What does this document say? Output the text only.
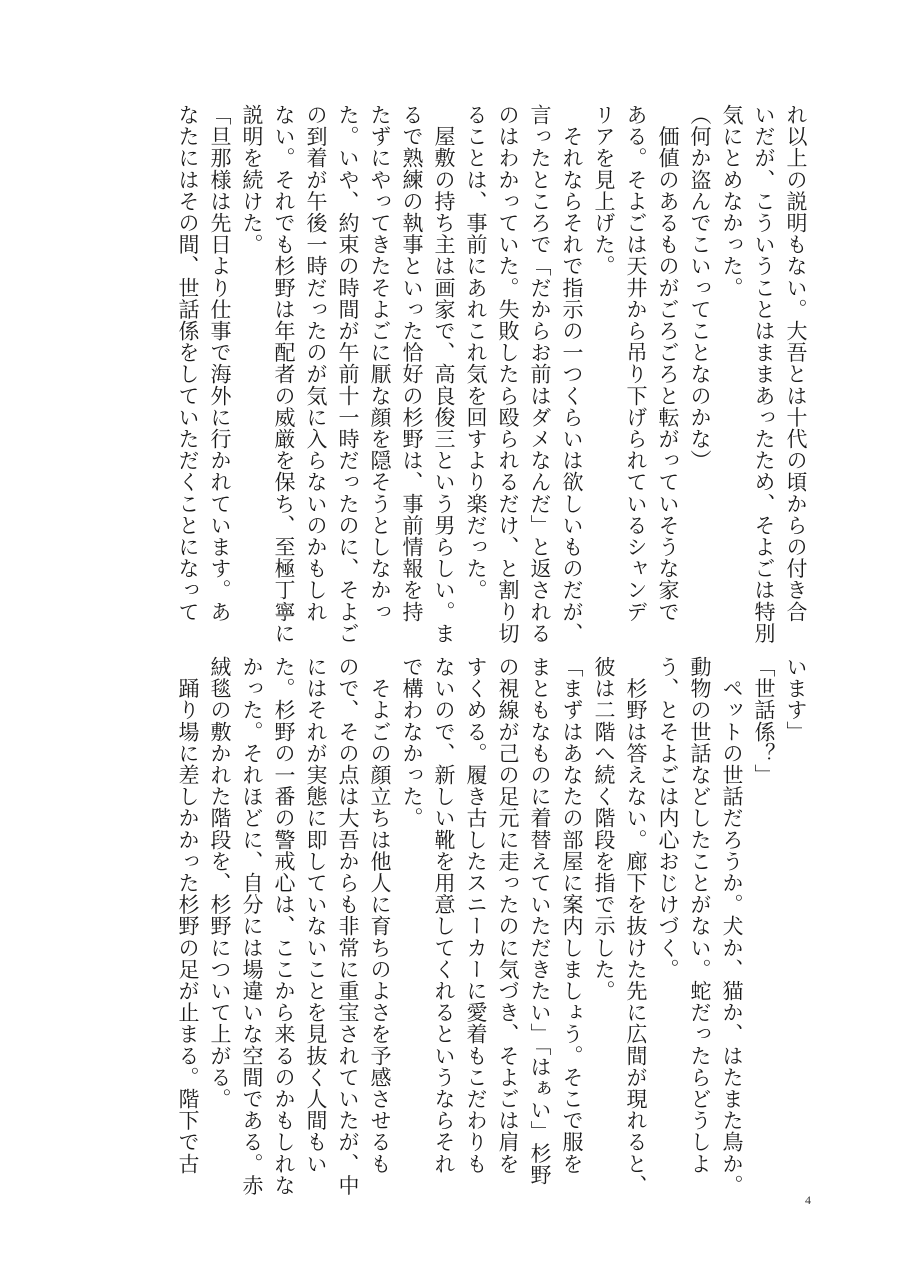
れ以上の説明もない。大吾とは十代の頃からの付き合
いだが、こういうことはままあったため、そよごは特別
気にとめなかった。
（何か盗んでこいってことなのかな）
　価値のあるものがごろごろと転がっていそうな家で
ある。そよごは天井から吊り下げられているシャンデ
リアを見上げた。
　それならそれで指示の一つくらいは欲しいものだが、
言ったところで「だからお前はダメなんだ」と返される
のはわかっていた。失敗したら殴られるだけ、と割り切
ることは、事前にあれこれ気を回すより楽だった。
　屋敷の持ち主は画家で、高良俊三という男らしい。ま
るで熟練の執事といった恰好の杉野は、事前情報を持
たずにやってきたそよごに厭な顔を隠そうとしなかっ
た。いや、約束の時間が午前十一時だったのに、そよご
の到着が午後一時だったのが気に入らないのかもしれ
ない。それでも杉野は年配者の威厳を保ち、至極丁寧に
説明を続けた。
「旦那様は先日より仕事で海外に行かれています。あ
なたにはその間、世話係をしていただくことになって
います」
「世話係？」
　ペットの世話だろうか。犬か、猫か、はたまた鳥か。
動物の世話などしたことがない。蛇だったらどうしよ
う、とそよごは内心おじけづく。
　杉野は答えない。廊下を抜けた先に広間が現れると、
彼は二階へ続く階段を指で示した。
「まずはあなたの部屋に案内しましょう。そこで服を
まともなものに着替えていただきたい」「はぁい」杉野
の視線が己の足元に走ったのに気づき、そよごは肩を
すくめる。履き古したスニーカーに愛着もこだわりも
ないので、新しい靴を用意してくれるというならそれ
で構わなかった。
　そよごの顔立ちは他人に育ちのよさを予感させるも
ので、その点は大吾からも非常に重宝されていたが、中
にはそれが実態に即していないことを見抜く人間もい
た。杉野の一番の警戒心は、ここから来るのかもしれな
かった。それほどに、自分には場違いな空間である。赤
絨毯の敷かれた階段を、杉野について上がる。
　踊り場に差しかかった杉野の足が止まる。階下で古
4
